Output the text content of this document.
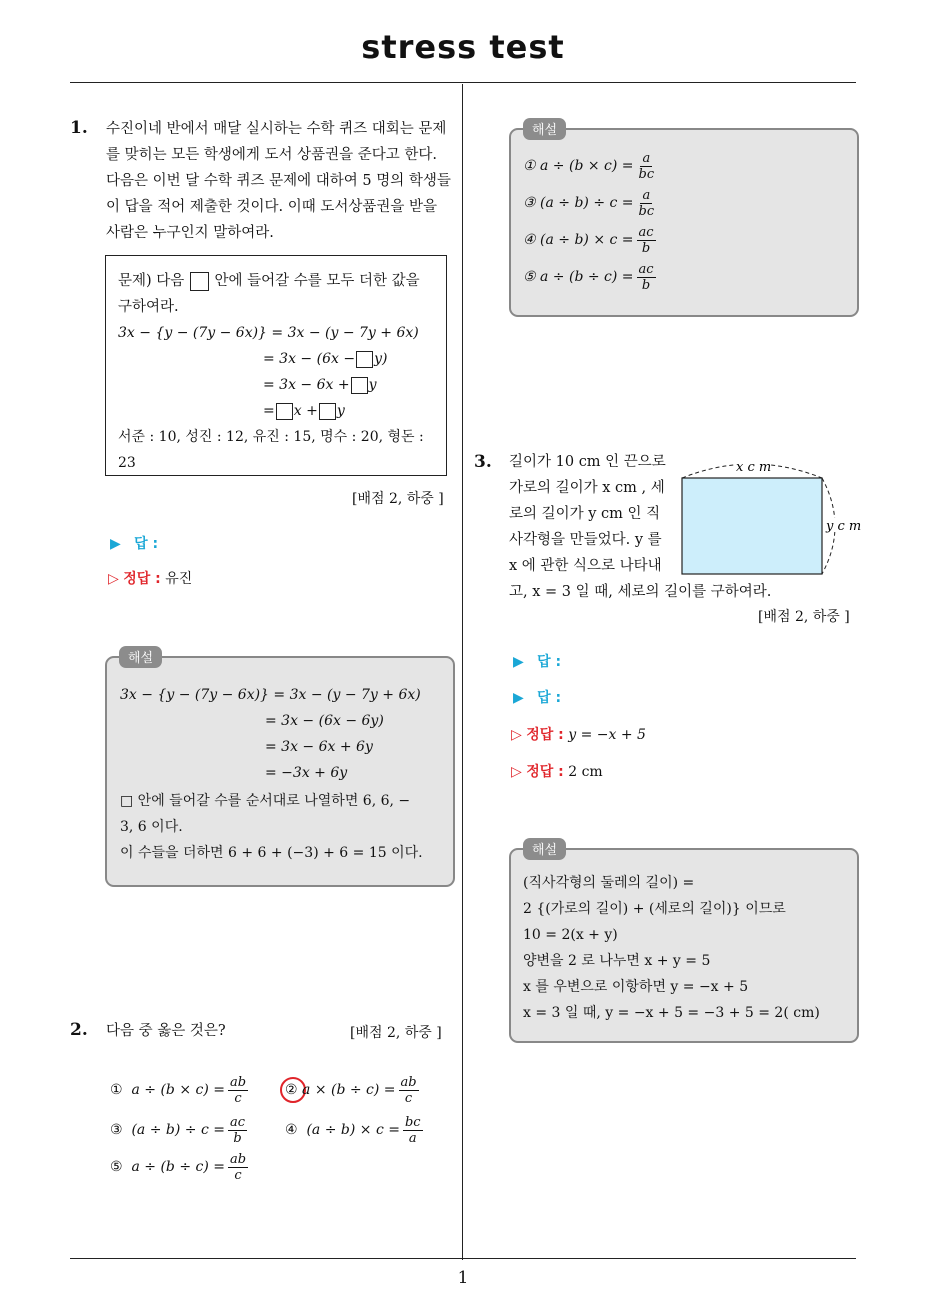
stress test
1. 수진이네 반에서 매달 실시하는 수학 퀴즈 대회는 문제
를 맞히는 모든 학생에게 도서 상품권을 준다고 한다.
다음은 이번 달 수학 퀴즈 문제에 대하여 5 명의 학생들
이 답을 적어 제출한 것이다. 이때 도서상품권을 받을
사람은 누구인지 말하여라.
문제) 다음 안에 들어갈 수를 모두 더한 값을
구하여라.
3x − {y − (7y − 6x)} = 3x − (y − 7y + 6x)
= 3x − (6x − y)
= 3x − 6x + y
= x + y
서준 : 10, 성진 : 12, 유진 : 15, 명수 : 20, 형돈 :
23
[배점 2, 하중 ]
▶ 답 :
▷ 정답 : 유진
해설
3x − {y − (7y − 6x)} = 3x − (y − 7y + 6x)
= 3x − (6x − 6y)
= 3x − 6x + 6y
= −3x + 6y
□ 안에 들어갈 수를 순서대로 나열하면 6, 6, −
3, 6 이다.
이 수들을 더하면 6 + 6 + (−3) + 6 = 15 이다.
2. 다음 중 옳은 것은?	[배점 2, 하중 ]
①
$a \div (b \times c) = \frac{ab}{c}$	②
$a \times (b \div c) = \frac{ab}{c}$
③
$(a \div b) \div c = \frac{ac}{b}$	④
$(a \div b) \times c = \frac{bc}{a}$
⑤
$a \div (b \div c) = \frac{ab}{c}$
해설
① $a \div (b \times c) = \frac{a}{bc}$
③ $(a \div b) \div c = \frac{a}{bc}$
④ $(a \div b) \times c = \frac{ac}{b}$
⑤ $a \div (b \div c) = \frac{ac}{b}$
3. 길이가 10 cm 인 끈으로
가로의 길이가 x cm , 세
로의 길이가 y cm 인 직
사각형을 만들었다. y 를
x 에 관한 식으로 나타내
고, x = 3 일 때, 세로의 길이를 구하여라.
x c m
y c m
[배점 2, 하중 ]
▶ 답 :
▶ 답 :
▷ 정답 : y = −x + 5
▷ 정답 : 2 cm
해설
(직사각형의 둘레의 길이) =
2 {(가로의 길이) + (세로의 길이)} 이므로
10 = 2(x + y)
양변을 2 로 나누면 x + y = 5
x 를 우변으로 이항하면 y = −x + 5
x = 3 일 때, y = −x + 5 = −3 + 5 = 2( cm)
1
